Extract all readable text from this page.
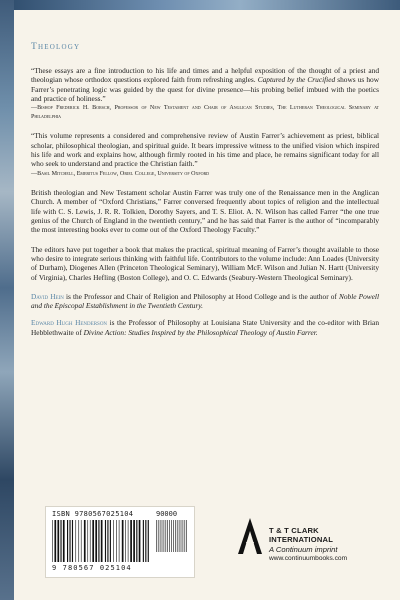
Theology

“These essays are a fine introduction to his life and times and a helpful exposition of the thought of a priest and theologian whose orthodox questions explored faith from refreshing angles. Captured by the Crucified shows us how Farrer’s penetrating logic was guided by the quest for divine presence—his probing belief imbued with the poetics and practice of holiness.”

—Bishop Frederick H. Borsch, Professor of New Testament and Chair of Anglican Studies, The Lutheran Theological Seminary at Philadelphia

“This volume represents a considered and comprehensive review of Austin Farrer’s achievement as priest, biblical scholar, philosophical theologian, and spiritual guide. It bears impressive witness to the unified vision which inspired his life and work and explains how, although firmly rooted in his time and place, he remains significant today for all who seek to understand and practice the Christian faith.”

—Basil Mitchell, Emeritus Fellow, Oriel College, University of Oxford

British theologian and New Testament scholar Austin Farrer was truly one of the Renaissance men in the Anglican Church. A member of “Oxford Christians,” Farrer conversed frequently about topics of religion and the intellectual life with C. S. Lewis, J. R. R. Tolkien, Dorothy Sayers, and T. S. Eliot. A. N. Wilson has called Farrer “the one true genius of the Church of England in the twentieth century,” and he has said that Farrer is the author of “incomparably the most interesting books ever to come out of the Oxford Theology Faculty.”

The editors have put together a book that makes the practical, spiritual meaning of Farrer’s thought available to those who desire to integrate serious thinking with faithful life. Contributors to the volume include: Ann Loades (University of Durham), Diogenes Allen (Princeton Theological Seminary), William McF. Wilson and Julian N. Hartt (University of Virginia), Charles Hefling (Boston College), and O. C. Edwards (Seabury-Western Theological Seminary).

David Hein is the Professor and Chair of Religion and Philosophy at Hood College and is the author of Noble Powell and the Episcopal Establishment in the Twentieth Century.

Edward Hugh Henderson is the Professor of Philosophy at Louisiana State University and the co-editor with Brian Hebblethwaite of Divine Action: Studies Inspired by the Philosophical Theology of Austin Farrer.

ISBN 9780567025104	90000
9 780567 025104
T & T CLARK INTERNATIONAL
A Continuum imprint
www.continuumbooks.com
